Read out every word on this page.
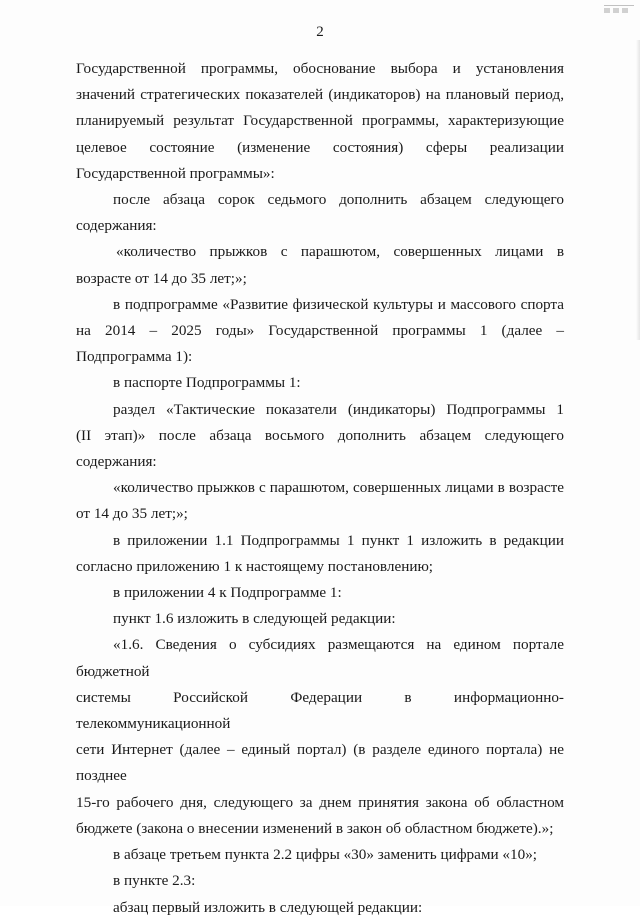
2
Государственной программы, обоснование выбора и установления
значений стратегических показателей (индикаторов) на плановый период,
планируемый результат Государственной программы, характеризующие
целевое состояние (изменение состояния) сферы реализации
Государственной программы»:
после абзаца сорок седьмого дополнить абзацем следующего
содержания:
«количество прыжков с парашютом, совершенных лицами в
возрасте от 14 до 35 лет;»;
в подпрограмме «Развитие физической культуры и массового спорта
на 2014 – 2025 годы» Государственной программы 1 (далее –
Подпрограмма 1):
в паспорте Подпрограммы 1:
раздел «Тактические показатели (индикаторы) Подпрограммы 1
(II этап)» после абзаца восьмого дополнить абзацем следующего
содержания:
«количество прыжков с парашютом, совершенных лицами в возрасте
от 14 до 35 лет;»;
в приложении 1.1 Подпрограммы 1 пункт 1 изложить в редакции
согласно приложению 1 к настоящему постановлению;
в приложении 4 к Подпрограмме 1:
пункт 1.6 изложить в следующей редакции:
«1.6. Сведения о субсидиях размещаются на едином портале бюджетной
системы Российской Федерации в информационно-телекоммуникационной
сети Интернет (далее – единый портал) (в разделе единого портала) не позднее
15-го рабочего дня, следующего за днем принятия закона об областном
бюджете (закона о внесении изменений в закон об областном бюджете).»;
в абзаце третьем пункта 2.2 цифры «30» заменить цифрами «10»;
в пункте 2.3:
абзац первый изложить в следующей редакции:
